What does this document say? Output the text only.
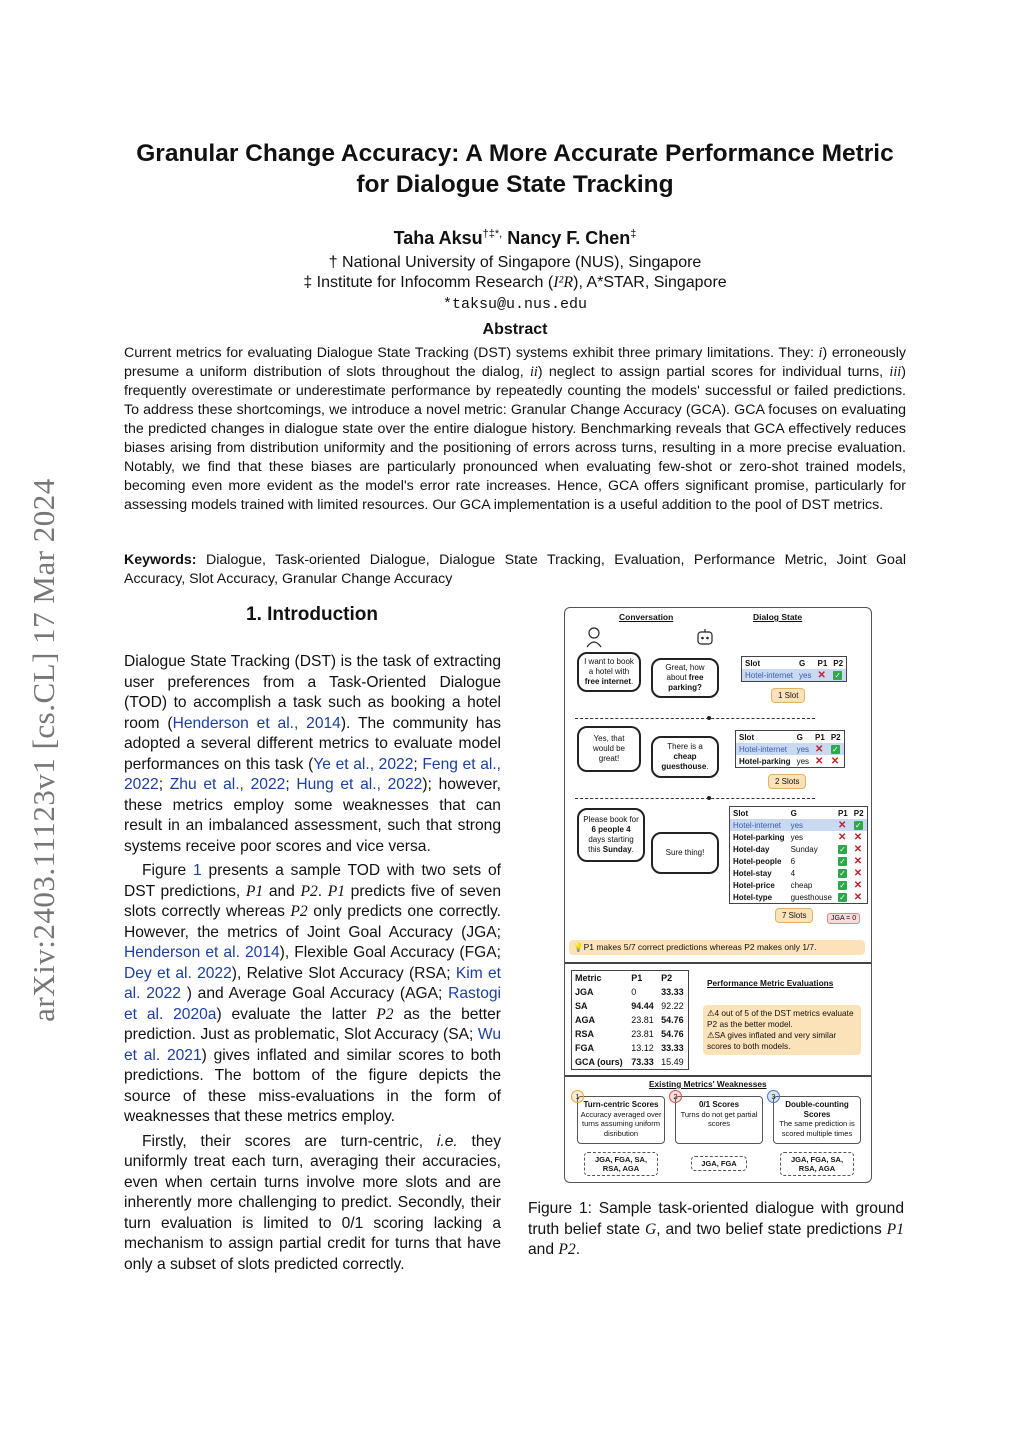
arXiv:2403.11123v1 [cs.CL] 17 Mar 2024
Granular Change Accuracy: A More Accurate Performance Metric
for Dialogue State Tracking
Taha Aksu†‡*, Nancy F. Chen‡
† National University of Singapore (NUS), Singapore
‡ Institute for Infocomm Research (I²R), A*STAR, Singapore
*taksu@u.nus.edu
Abstract
Current metrics for evaluating Dialogue State Tracking (DST) systems exhibit three primary limitations. They: i) erroneously presume a uniform distribution of slots throughout the dialog, ii) neglect to assign partial scores for individual turns, iii) frequently overestimate or underestimate performance by repeatedly counting the models' successful or failed predictions. To address these shortcomings, we introduce a novel metric: Granular Change Accuracy (GCA). GCA focuses on evaluating the predicted changes in dialogue state over the entire dialogue history. Benchmarking reveals that GCA effectively reduces biases arising from distribution uniformity and the positioning of errors across turns, resulting in a more precise evaluation. Notably, we find that these biases are particularly pronounced when evaluating few-shot or zero-shot trained models, becoming even more evident as the model's error rate increases. Hence, GCA offers significant promise, particularly for assessing models trained with limited resources. Our GCA implementation is a useful addition to the pool of DST metrics.
Keywords: Dialogue, Task-oriented Dialogue, Dialogue State Tracking, Evaluation, Performance Metric, Joint Goal Accuracy, Slot Accuracy, Granular Change Accuracy
1. Introduction

Dialogue State Tracking (DST) is the task of extracting user preferences from a Task-Oriented Dialogue (TOD) to accomplish a task such as booking a hotel room (Henderson et al., 2014). The community has adopted a several different metrics to evaluate model performances on this task (Ye et al., 2022; Feng et al., 2022; Zhu et al., 2022; Hung et al., 2022); however, these metrics employ some weaknesses that can result in an imbalanced assessment, such that strong systems receive poor scores and vice versa.

Figure 1 presents a sample TOD with two sets of DST predictions, P1 and P2. P1 predicts five of seven slots correctly whereas P2 only predicts one correctly. However, the metrics of Joint Goal Accuracy (JGA; Henderson et al. 2014), Flexible Goal Accuracy (FGA; Dey et al. 2022), Relative Slot Accuracy (RSA; Kim et al. 2022 ) and Average Goal Accuracy (AGA; Rastogi et al. 2020a) evaluate the latter P2 as the better prediction. Just as problematic, Slot Accuracy (SA; Wu et al. 2021) gives inflated and similar scores to both predictions. The bottom of the figure depicts the source of these miss-evaluations in the form of weaknesses that these metrics employ.

Firstly, their scores are turn-centric, i.e. they uniformly treat each turn, averaging their accuracies, even when certain turns involve more slots and are inherently more challenging to predict. Secondly, their turn evaluation is limited to 0/1 scoring lacking a mechanism to assign partial credit for turns that have only a subset of slots predicted correctly.

Conversation	Dialog State
I want to book a hotel with free internet.
Great, how about free parking?
Slot	G	P1	P2
Hotel-internet	yes	✕	✓
1 Slot
Yes, that would be great!
There is a cheap guesthouse.
Slot	G	P1	P2
Hotel-internet	yes	✕	✓
Hotel-parking	yes	✕	✕
2 Slots
Please book for 6 people 4 days starting this Sunday.	Sure thing!
Slot	G	P1	P2
Hotel-internet	yes	✕	✓
Hotel-parking	yes	✕	✕
Hotel-day	Sunday	✓	✕
Hotel-people	6	✓	✕
Hotel-stay	4	✓	✕
Hotel-price	cheap	✓	✕
Hotel-type	guesthouse	✓	✕
7 Slots	JGA = 0
💡P1 makes 5/7 correct predictions whereas P2 makes only 1/7.
Metric	P1	P2
JGA	0	33.33
SA	94.44	92.22
AGA	23.81	54.76
RSA	23.81	54.76
FGA	13.12	33.33
GCA (ours)	73.33	15.49
Performance Metric Evaluations
⚠4 out of 5 of the DST metrics evaluate P2 as the better model.
⚠SA gives inflated and very similar scores to both models.
Existing Metrics' Weaknesses
Turn-centric Scores
Accuracy averaged over turns assuming uniform disribution
1
JGA, FGA, SA, RSA, AGA
0/1 Scores
Turns do not get partial scores
2
JGA, FGA
Double-counting Scores
The same prediction is scored multiple times
3
JGA, FGA, SA, RSA, AGA
Figure 1: Sample task-oriented dialogue with ground truth belief state G, and two belief state predictions P1 and P2.
